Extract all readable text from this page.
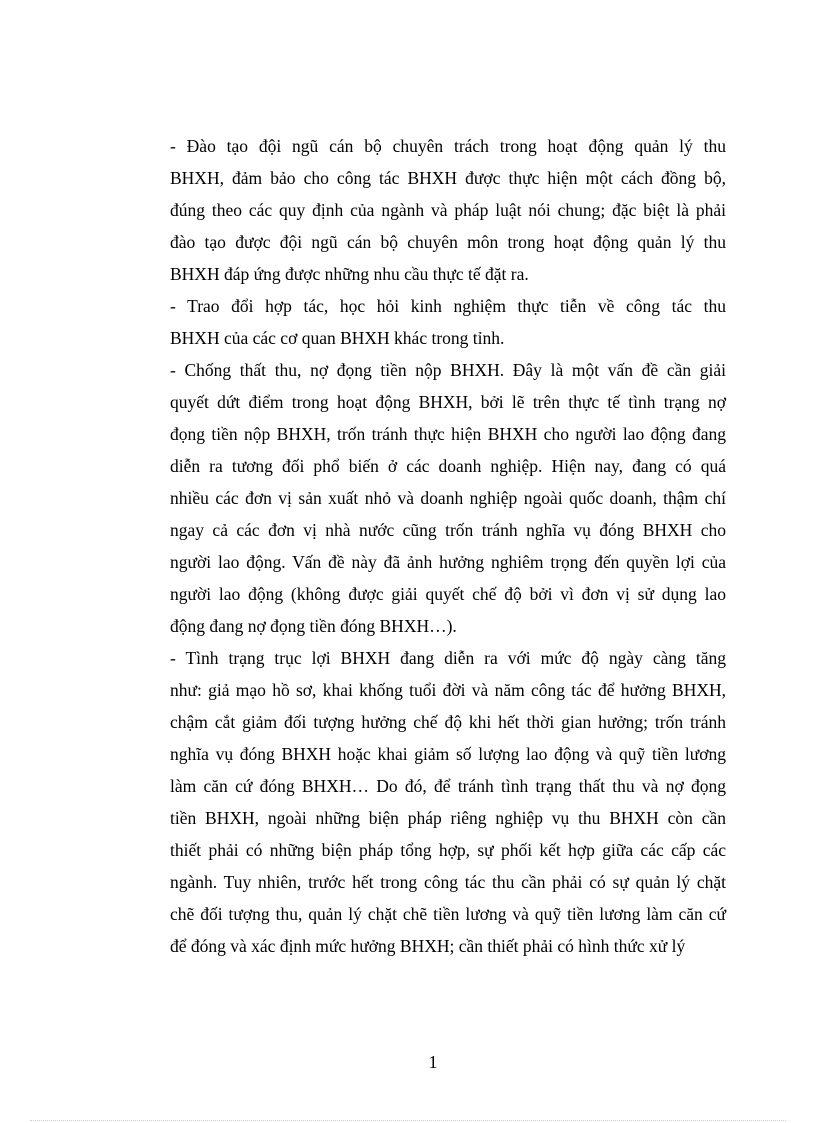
- Đào tạo đội ngũ cán bộ chuyên trách trong hoạt động quản lý thu
BHXH, đảm bảo cho công tác BHXH được thực hiện một cách đồng bộ,
đúng theo các quy định của ngành và pháp luật nói chung; đặc biệt là phải
đào tạo được đội ngũ cán bộ chuyên môn trong hoạt động quản lý thu
BHXH đáp ứng được những nhu cầu thực tế đặt ra.
- Trao đổi hợp tác, học hỏi kinh nghiệm thực tiễn về công tác thu
BHXH của các cơ quan BHXH khác trong tỉnh.
- Chống thất thu, nợ đọng tiền nộp BHXH. Đây là một vấn đề cần giải
quyết dứt điểm trong hoạt động BHXH, bởi lẽ trên thực tế tình trạng nợ
đọng tiền nộp BHXH, trốn tránh thực hiện BHXH cho người lao động đang
diễn ra tương đối phổ biến ở các doanh nghiệp. Hiện nay, đang có quá
nhiều các đơn vị sản xuất nhỏ và doanh nghiệp ngoài quốc doanh, thậm chí
ngay cả các đơn vị nhà nước cũng trốn tránh nghĩa vụ đóng BHXH cho
người lao động. Vấn đề này đã ảnh hưởng nghiêm trọng đến quyền lợi của
người lao động (không được giải quyết chế độ bởi vì đơn vị sử dụng lao
động đang nợ đọng tiền đóng BHXH…).
- Tình trạng trục lợi BHXH đang diễn ra với mức độ ngày càng tăng
như: giả mạo hồ sơ, khai khống tuổi đời và năm công tác để hưởng BHXH,
chậm cắt giảm đối tượng hưởng chế độ khi hết thời gian hưởng; trốn tránh
nghĩa vụ đóng BHXH hoặc khai giảm số lượng lao động và quỹ tiền lương
làm căn cứ đóng BHXH… Do đó, để tránh tình trạng thất thu và nợ đọng
tiền BHXH, ngoài những biện pháp riêng nghiệp vụ thu BHXH còn cần
thiết phải có những biện pháp tổng hợp, sự phối kết hợp giữa các cấp các
ngành. Tuy nhiên, trước hết trong công tác thu cần phải có sự quản lý chặt
chẽ đối tượng thu, quản lý chặt chẽ tiền lương và quỹ tiền lương làm căn cứ
để đóng và xác định mức hưởng BHXH; cần thiết phải có hình thức xử lý
1
